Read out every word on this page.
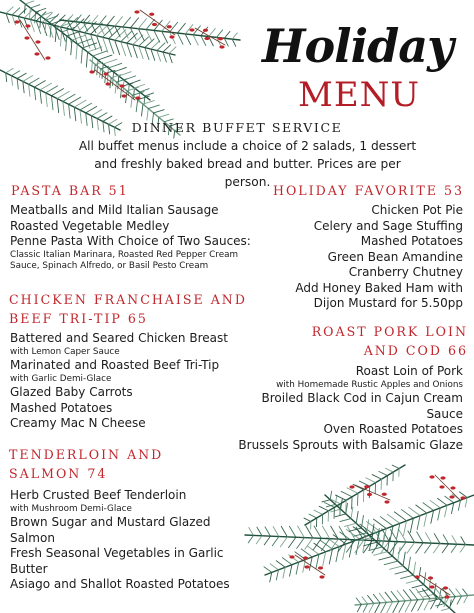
Holiday
MENU
DINNER BUFFET SERVICE
All buffet menus include a choice of 2 salads, 1 dessert and freshly baked bread and butter. Prices are per person.
PASTA BAR 51
Meatballs and Mild Italian Sausage
Roasted Vegetable Medley
Penne Pasta With Choice of Two Sauces:
Classic Italian Marinara, Roasted Red Pepper Cream
Sauce, Spinach Alfredo, or Basil Pesto Cream
CHICKEN FRANCHAISE AND
BEEF TRI-TIP 65
Battered and Seared Chicken Breast
with Lemon Caper Sauce
Marinated and Roasted Beef Tri-Tip
with Garlic Demi-Glace
Glazed Baby Carrots
Mashed Potatoes
Creamy Mac N Cheese
TENDERLOIN AND
SALMON 74
Herb Crusted Beef Tenderloin
with Mushroom Demi-Glace
Brown Sugar and Mustard Glazed
Salmon
Fresh Seasonal Vegetables in Garlic
Butter
Asiago and Shallot Roasted Potatoes
HOLIDAY FAVORITE 53
Chicken Pot Pie
Celery and Sage Stuffing
Mashed Potatoes
Green Bean Amandine
Cranberry Chutney
Add Honey Baked Ham with
Dijon Mustard for 5.50pp
ROAST PORK LOIN
AND COD 66
Roast Loin of Pork
with Homemade Rustic Apples and Onions
Broiled Black Cod in Cajun Cream
Sauce
Oven Roasted Potatoes
Brussels Sprouts with Balsamic Glaze
